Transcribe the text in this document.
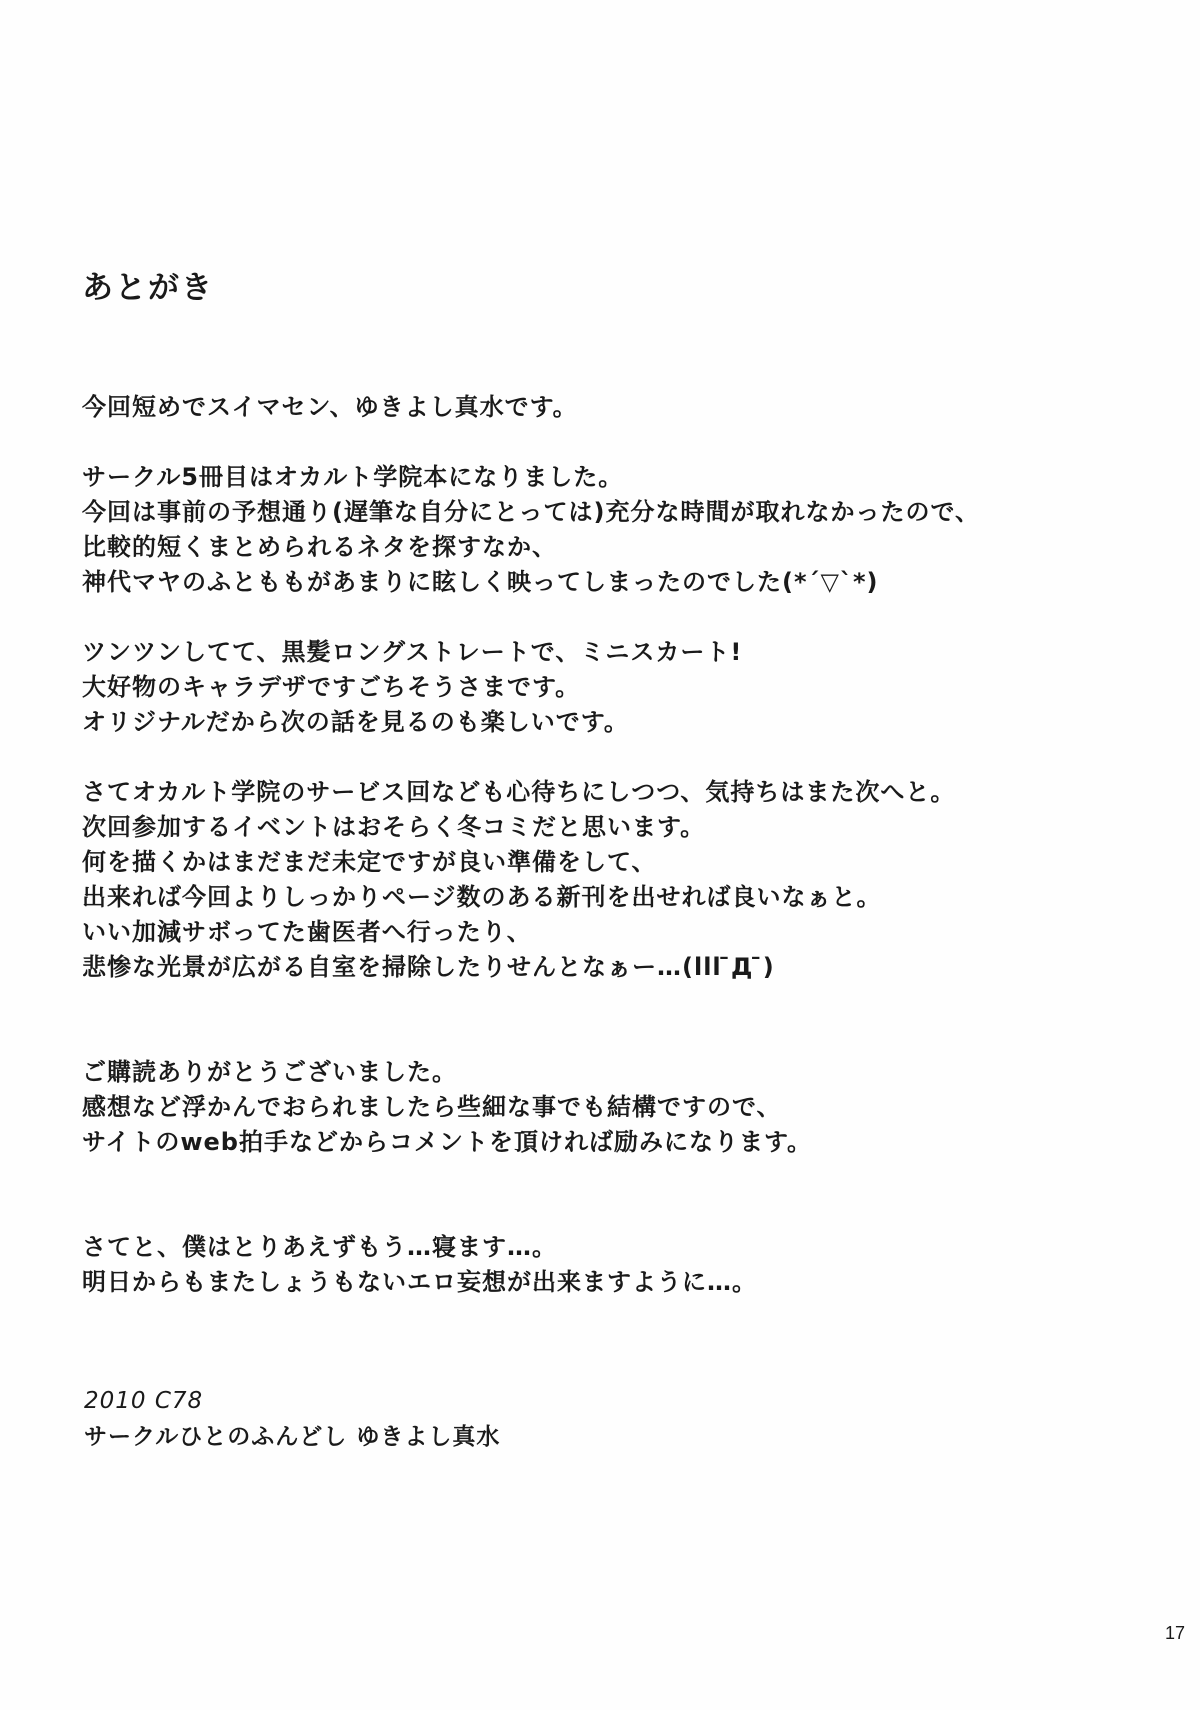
あとがき
今回短めでスイマセン、ゆきよし真水です。
サークル5冊目はオカルト学院本になりました。
今回は事前の予想通り(遅筆な自分にとっては)充分な時間が取れなかったので、
比較的短くまとめられるネタを探すなか、
神代マヤのふとももがあまりに眩しく映ってしまったのでした(*´▽`*)
ツンツンしてて、黒髪ロングストレートで、ミニスカート!
大好物のキャラデザですごちそうさまです。
オリジナルだから次の話を見るのも楽しいです。
さてオカルト学院のサービス回なども心待ちにしつつ、気持ちはまた次へと。
次回参加するイベントはおそらく冬コミだと思います。
何を描くかはまだまだ未定ですが良い準備をして、
出来れば今回よりしっかりページ数のある新刊を出せれば良いなぁと。
いい加減サボってた歯医者へ行ったり、
悲惨な光景が広がる自室を掃除したりせんとなぁー…(lll ̄Д ̄)
ご購読ありがとうございました。
感想など浮かんでおられましたら些細な事でも結構ですので、
サイトのweb拍手などからコメントを頂ければ励みになります。
さてと、僕はとりあえずもう…寝ます…。
明日からもまたしょうもないエロ妄想が出来ますように…。
2010 C78
サークルひとのふんどし ゆきよし真水
17
